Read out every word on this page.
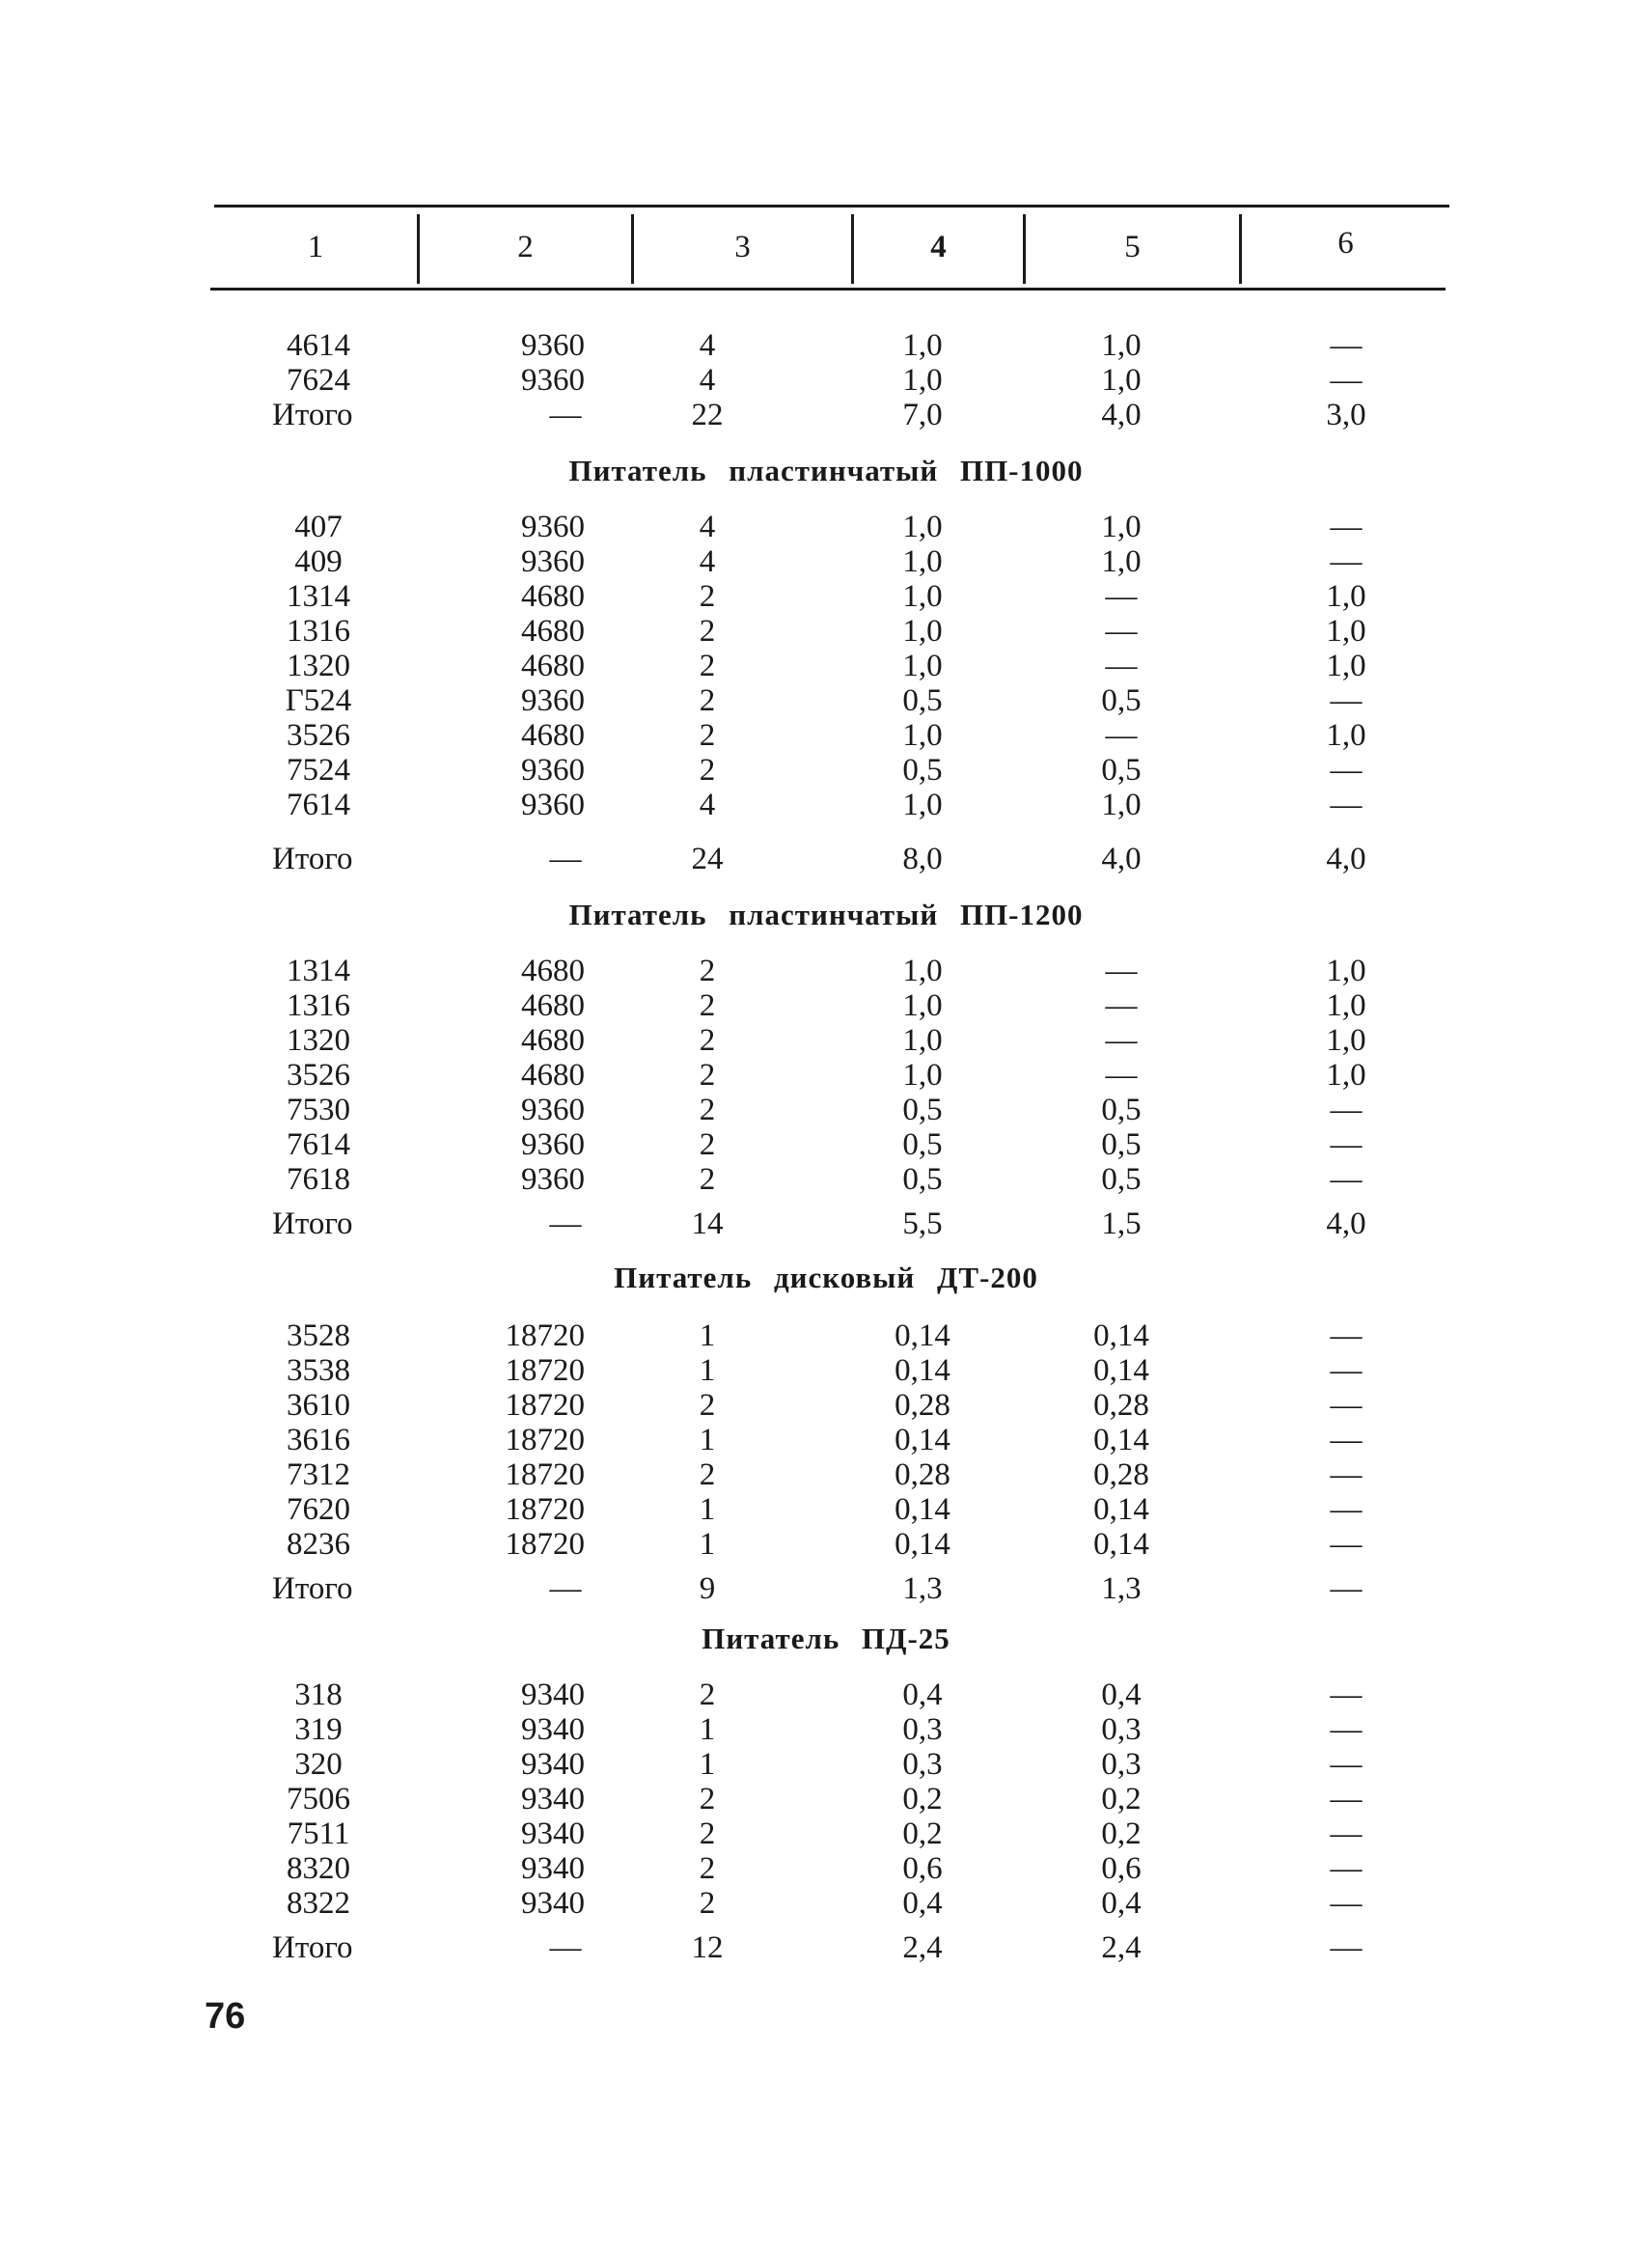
1	2	3	4	5	6
4614	9360	4	1,0	1,0	—
7624	9360	4	1,0	1,0	—
Итого	—	22	7,0	4,0	3,0
Питатель пластинчатый ПП-1000
407	9360	4	1,0	1,0	—
409	9360	4	1,0	1,0	—
1314	4680	2	1,0	—	1,0
1316	4680	2	1,0	—	1,0
1320	4680	2	1,0	—	1,0
Г524	9360	2	0,5	0,5	—
3526	4680	2	1,0	—	1,0
7524	9360	2	0,5	0,5	—
7614	9360	4	1,0	1,0	—
Итого	—	24	8,0	4,0	4,0
Питатель пластинчатый ПП-1200
1314	4680	2	1,0	—	1,0
1316	4680	2	1,0	—	1,0
1320	4680	2	1,0	—	1,0
3526	4680	2	1,0	—	1,0
7530	9360	2	0,5	0,5	—
7614	9360	2	0,5	0,5	—
7618	9360	2	0,5	0,5	—
Итого	—	14	5,5	1,5	4,0
Питатель дисковый ДТ-200
3528	18720	1	0,14	0,14	—
3538	18720	1	0,14	0,14	—
3610	18720	2	0,28	0,28	—
3616	18720	1	0,14	0,14	—
7312	18720	2	0,28	0,28	—
7620	18720	1	0,14	0,14	—
8236	18720	1	0,14	0,14	—
Итого	—	9	1,3	1,3	—
Питатель ПД-25
318	9340	2	0,4	0,4	—
319	9340	1	0,3	0,3	—
320	9340	1	0,3	0,3	—
7506	9340	2	0,2	0,2	—
7511	9340	2	0,2	0,2	—
8320	9340	2	0,6	0,6	—
8322	9340	2	0,4	0,4	—
Итого	—	12	2,4	2,4	—
76
